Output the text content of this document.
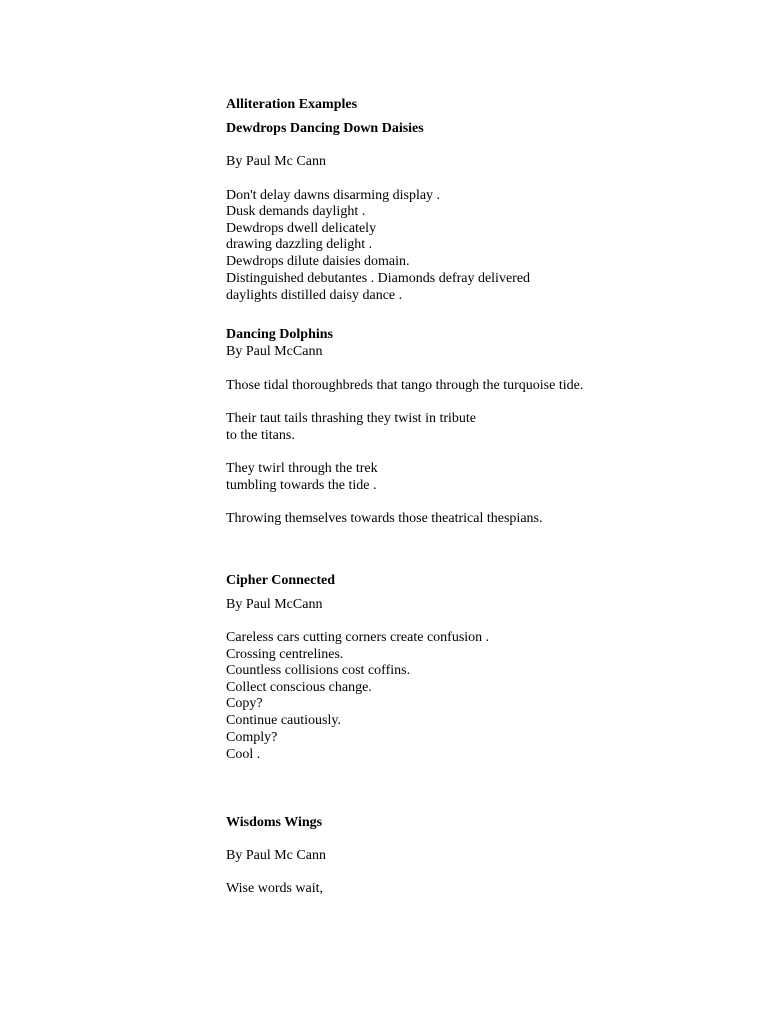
Alliteration Examples

Dewdrops Dancing Down Daisies

By Paul Mc Cann

Don't delay dawns disarming display .

Dusk demands daylight .

Dewdrops dwell delicately

drawing dazzling delight .

Dewdrops dilute daisies domain.

Distinguished debutantes . Diamonds defray delivered

daylights distilled daisy dance .

Dancing Dolphins

By Paul McCann

Those tidal thoroughbreds that tango through the turquoise tide.

Their taut tails thrashing they twist in tribute

to the titans.

They twirl through the trek

tumbling towards the tide .

Throwing themselves towards those theatrical thespians.

Cipher Connected

By Paul McCann

Careless cars cutting corners create confusion .

Crossing centrelines.

Countless collisions cost coffins.

Collect conscious change.

Copy?

Continue cautiously.

Comply?

Cool .

Wisdoms Wings

By Paul Mc Cann

Wise words wait,
